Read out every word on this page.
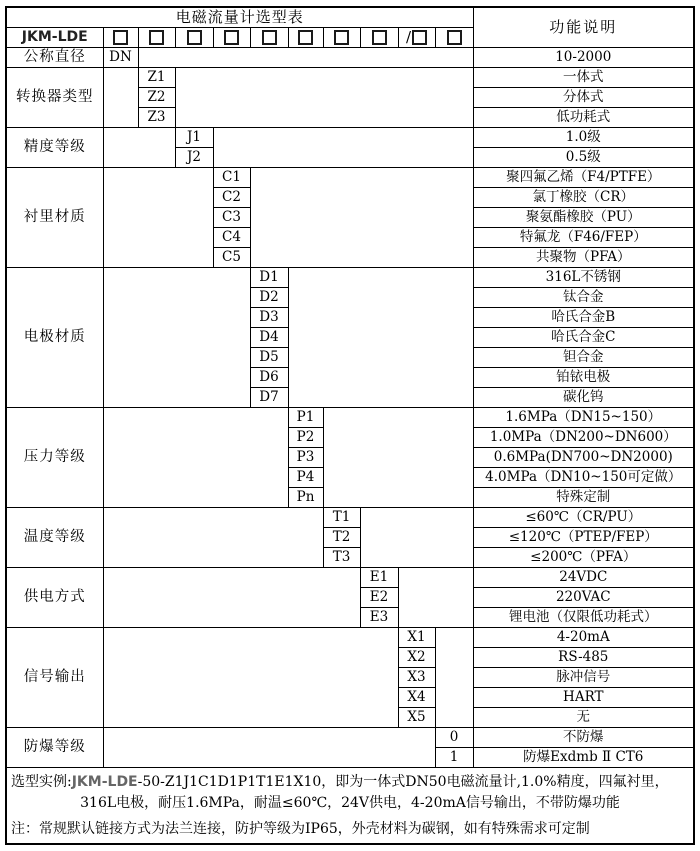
电磁流量计选型表											功能说明
JKM-LDE									/		
公称直径	DN										10-2000
转换器类型		Z1									一体式
		Z2									分体式
		Z3									低功耗式
精度等级			J1								1.0级
			J2								0.5级
衬里材质				C1							聚四氟乙烯（F4/PTFE）
				C2							氯丁橡胶（CR）
				C3							聚氨酯橡胶（PU）
				C4							特氟龙（F46/FEP）
				C5							共聚物（PFA）
电极材质					D1						316L不锈钢
					D2						钛合金
					D3						哈氏合金B
					D4						哈氏合金C
					D5						钽合金
					D6						铂铱电极
					D7						碳化钨
压力等级						P1					1.6MPa（DN15~150）
						P2					1.0MPa（DN200~DN600）
						P3					0.6MPa(DN700~DN2000)
						P4					4.0MPa（DN10~150可定做）
						Pn					特殊定制
温度等级							T1				≤60℃（CR/PU）
							T2				≤120℃（PTEP/FEP）
							T3				≤200℃（PFA）
供电方式								E1			24VDC
								E2			220VAC
								E3			锂电池（仅限低功耗式）
信号输出									X1		4-20mA
									X2		RS-485
									X3		脉冲信号
									X4		HART
									X5		无
防爆等级										0	不防爆
										1	防爆Exdmb Ⅱ CT6

选型实例:JKM-LDE-50-Z1J1C1D1P1T1E1X10，即为一体式DN50电磁流量计,1.0%精度，四氟衬里，
316L电极，耐压1.6MPa，耐温≤60℃，24V供电，4-20mA信号输出，不带防爆功能
注：常规默认链接方式为法兰连接，防护等级为IP65，外壳材料为碳钢，如有特殊需求可定制											
